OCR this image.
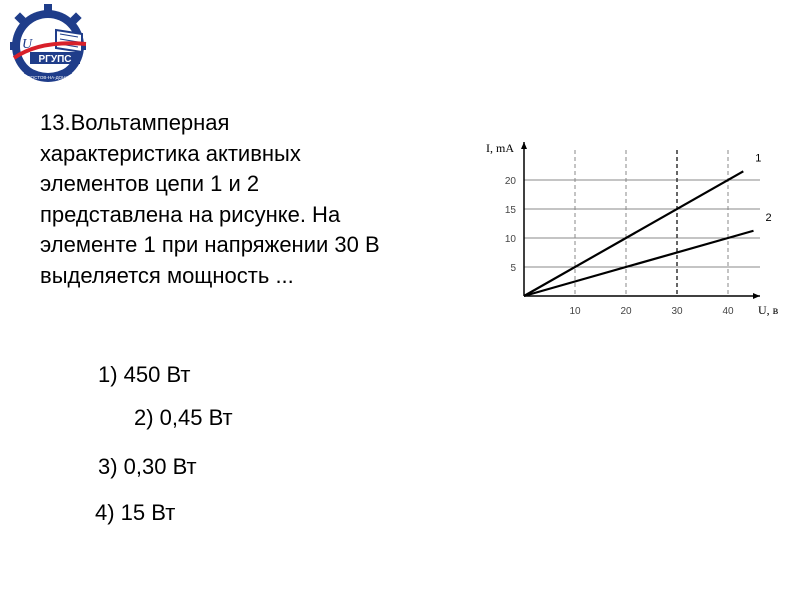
U
РГУПС
РОСТОВ-НА-ДОНУ
13.Вольтамперная
характеристика активных
элементов цепи 1 и 2
представлена на рисунке. На
элементе 1 при напряжении 30 В
выделяется мощность ...
1) 450 Вт
2) 0,45 Вт
3) 0,30 Вт
4) 15 Вт
10	20	30	40
5
10
15
20
I, mA
U, в
1
2
